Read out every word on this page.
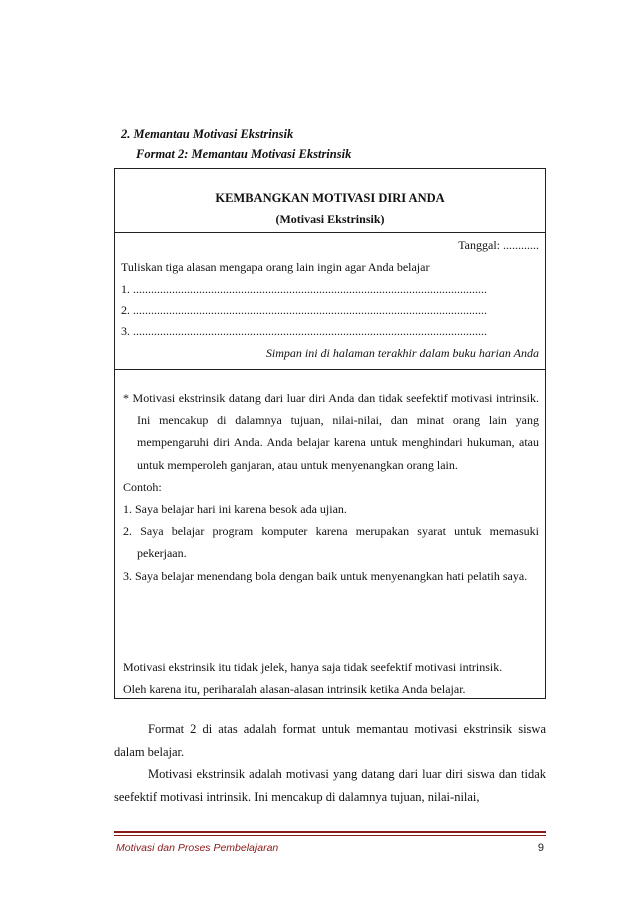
2. Memantau Motivasi Ekstrinsik
Format 2: Memantau Motivasi Ekstrinsik
KEMBANGKAN MOTIVASI DIRI ANDA
(Motivasi Ekstrinsik)
Tanggal: ............
Tuliskan tiga alasan mengapa orang lain ingin agar Anda belajar
1. ......................................................................................................................
2. ......................................................................................................................
3. ......................................................................................................................
Simpan ini di halaman terakhir dalam buku harian Anda

* Motivasi ekstrinsik datang dari luar diri Anda dan tidak seefektif motivasi intrinsik. Ini mencakup di dalamnya tujuan, nilai-nilai, dan minat orang lain yang mempengaruhi diri Anda. Anda belajar karena untuk menghindari hukuman, atau untuk memperoleh ganjaran, atau untuk menyenangkan orang lain.

Contoh:

1. Saya belajar hari ini karena besok ada ujian.

2. Saya belajar program komputer karena merupakan syarat untuk memasuki pekerjaan.

3. Saya belajar menendang bola dengan baik untuk menyenangkan hati pelatih saya.

Motivasi ekstrinsik itu tidak jelek, hanya saja tidak seefektif motivasi intrinsik.

Oleh karena itu, periharalah alasan-alasan intrinsik ketika Anda belajar.

Format 2 di atas adalah format untuk memantau motivasi ekstrinsik siswa dalam belajar.

Motivasi ekstrinsik adalah motivasi yang datang dari luar diri siswa dan tidak seefektif motivasi intrinsik. Ini mencakup di dalamnya tujuan, nilai-nilai,

Motivasi dan Proses Pembelajaran	9
